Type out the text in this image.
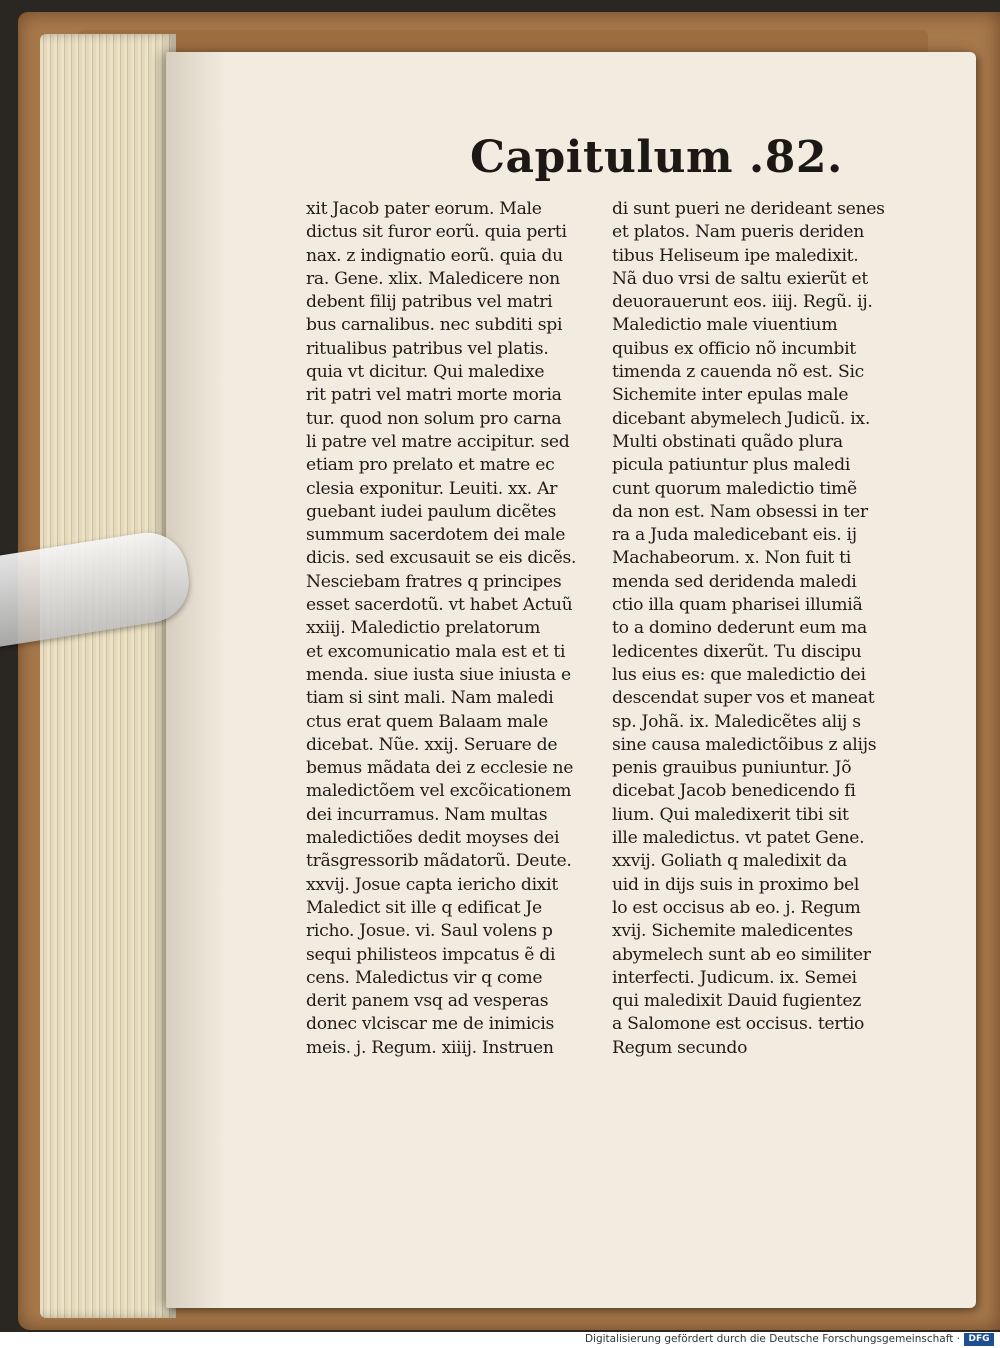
Capitulum .82.
xit Jacob pater eorum. Male
dictus sit furor eorũ. quia perti
nax. z indignatio eorũ. quia du
ra. Gene. xlix. Maledicere non
debent filij patribus vel matri
bus carnalibus. nec subditi spi
ritualibus patribus vel platis.
quia vt dicitur. Qui maledixe
rit patri vel matri morte moria
tur. quod non solum pro carna
li patre vel matre accipitur. sed
etiam pro prelato et matre ec
clesia exponitur. Leuiti. xx. Ar
guebant iudei paulum dicẽtes
summum sacerdotem dei male
dicis. sed excusauit se eis dicẽs.
Nesciebam fratres q principes
esset sacerdotũ. vt habet Actuũ
xxiij. Maledictio prelatorum
et excomunicatio mala est et ti
menda. siue iusta siue iniusta e
tiam si sint mali. Nam maledi
ctus erat quem Balaam male
dicebat. Nũe. xxij. Seruare de
bemus mãdata dei z ecclesie ne
maledictõem vel excõicationem
dei incurramus. Nam multas
maledictiões dedit moyses dei
trãsgressorib mãdatorũ. Deute.
xxvij. Josue capta iericho dixit
Maledict sit ille q edificat Je
richo. Josue. vi. Saul volens p
sequi philisteos impcatus ẽ di
cens. Maledictus vir q come
derit panem vsq ad vesperas
donec vlciscar me de inimicis
meis. j. Regum. xiiij. Instruen
di sunt pueri ne derideant senes
et platos. Nam pueris deriden
tibus Heliseum ipe maledixit.
Nã duo vrsi de saltu exierũt et
deuorauerunt eos. iiij. Regũ. ij.
Maledictio male viuentium
quibus ex officio nõ incumbit
timenda z cauenda nõ est. Sic
Sichemite inter epulas male
dicebant abymelech Judicũ. ix.
Multi obstinati quãdo plura
picula patiuntur plus maledi
cunt quorum maledictio timẽ
da non est. Nam obsessi in ter
ra a Juda maledicebant eis. ij
Machabeorum. x. Non fuit ti
menda sed deridenda maledi
ctio illa quam pharisei illumiã
to a domino dederunt eum ma
ledicentes dixerũt. Tu discipu
lus eius es: que maledictio dei
descendat super vos et maneat
sp. Johã. ix. Maledicẽtes alij s
sine causa maledictõibus z alijs
penis grauibus puniuntur. Jõ
dicebat Jacob benedicendo fi
lium. Qui maledixerit tibi sit
ille maledictus. vt patet Gene.
xxvij. Goliath q maledixit da
uid in dijs suis in proximo bel
lo est occisus ab eo. j. Regum
xvij. Sichemite maledicentes
abymelech sunt ab eo similiter
interfecti. Judicum. ix. Semei
qui maledixit Dauid fugientez
a Salomone est occisus. tertio
Regum secundo
Digitalisierung gefördert durch die Deutsche Forschungsgemeinschaft · DFG
